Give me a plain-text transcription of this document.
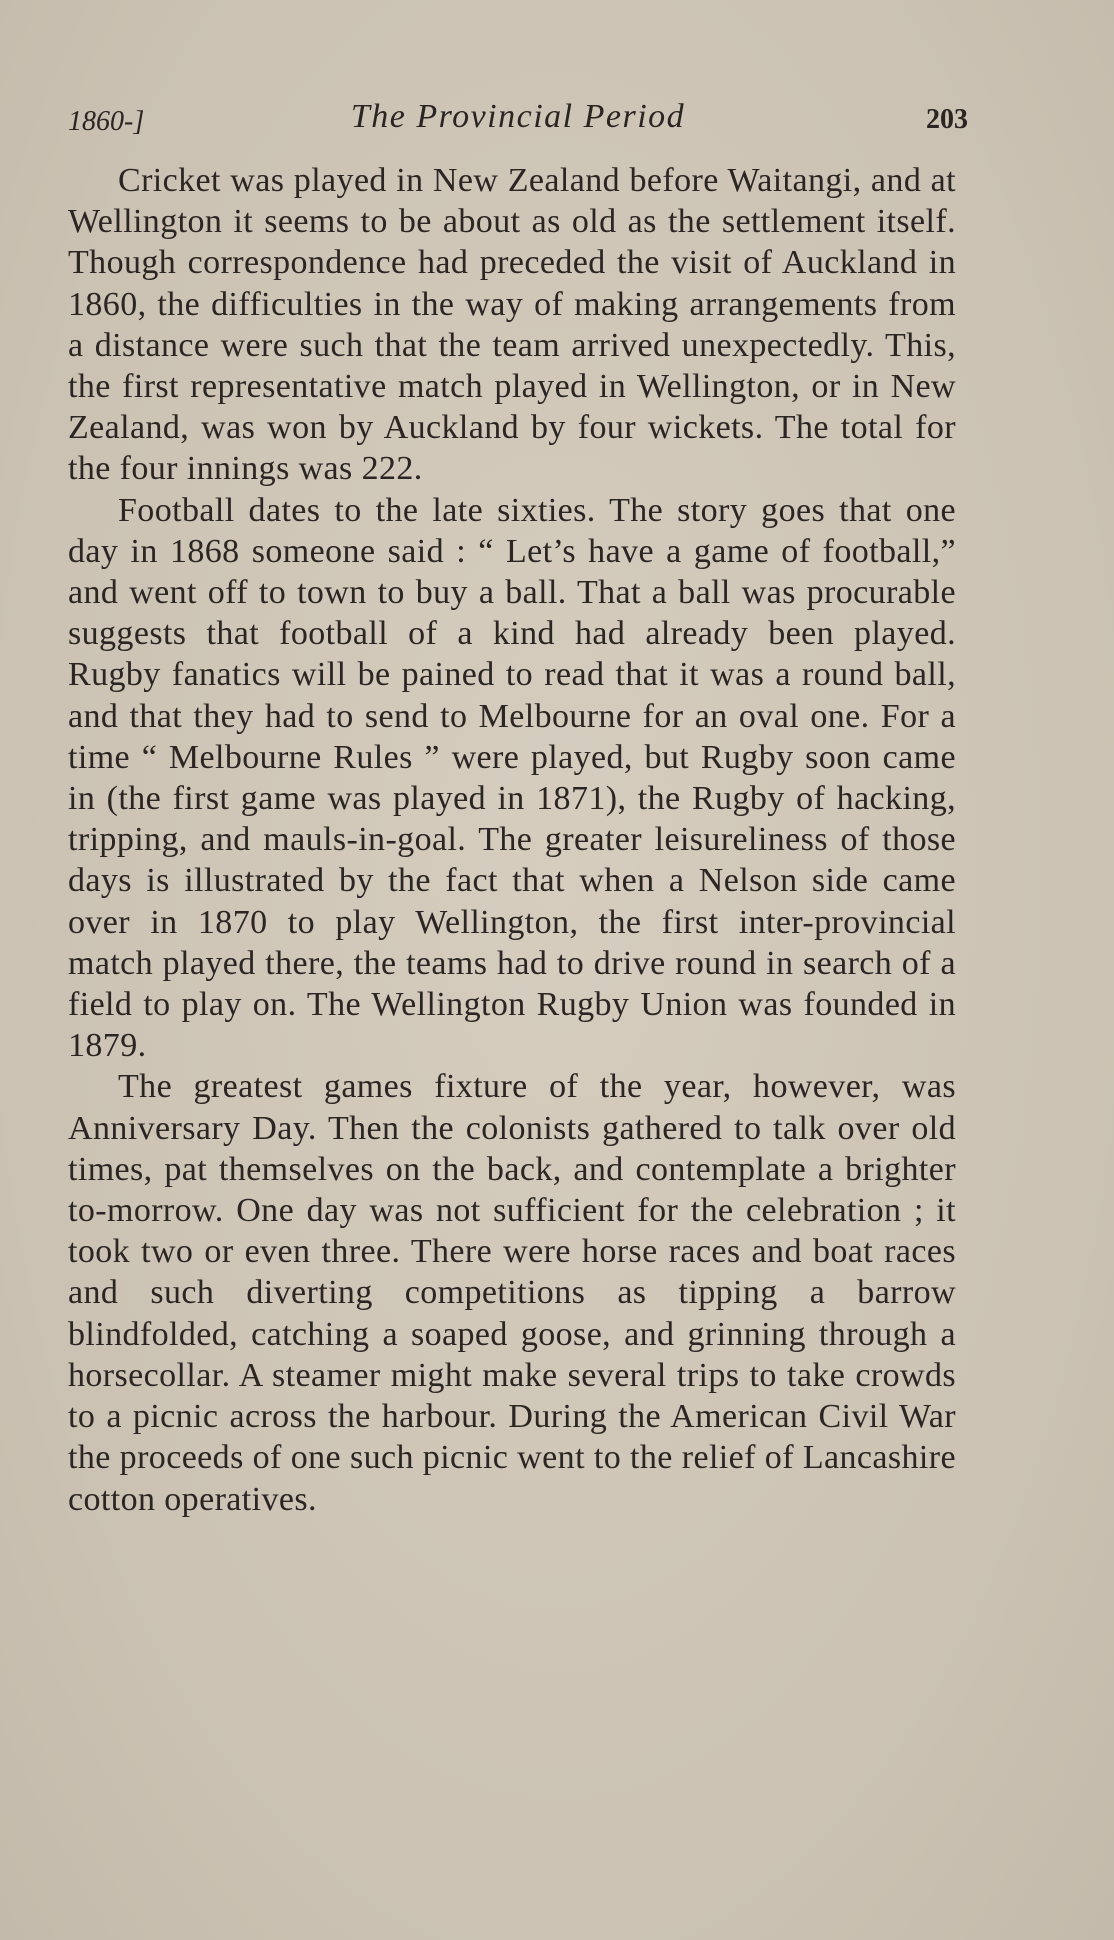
1860-]	The Provincial Period	203

Cricket was played in New Zealand before Waitangi, and at Wellington it seems to be about as old as the settlement itself. Though correspondence had preceded the visit of Auckland in 1860, the difficulties in the way of making arrangements from a distance were such that the team arrived unexpectedly. This, the first representative match played in Wellington, or in New Zealand, was won by Auckland by four wickets. The total for the four innings was 222.

Football dates to the late sixties. The story goes that one day in 1868 someone said : “ Let’s have a game of football,” and went off to town to buy a ball. That a ball was procurable suggests that football of a kind had already been played. Rugby fanatics will be pained to read that it was a round ball, and that they had to send to Melbourne for an oval one. For a time “ Melbourne Rules ” were played, but Rugby soon came in (the first game was played in 1871), the Rugby of hacking, tripping, and mauls-in-goal. The greater leisureliness of those days is illustrated by the fact that when a Nelson side came over in 1870 to play Wellington, the first inter-provincial match played there, the teams had to drive round in search of a field to play on. The Wellington Rugby Union was founded in 1879.

The greatest games fixture of the year, however, was Anniversary Day. Then the colonists gathered to talk over old times, pat themselves on the back, and contemplate a brighter to-morrow. One day was not sufficient for the celebration ; it took two or even three. There were horse races and boat races and such diverting competitions as tipping a barrow blindfolded, catching a soaped goose, and grinning through a horsecollar. A steamer might make several trips to take crowds to a picnic across the harbour. During the American Civil War the proceeds of one such picnic went to the relief of Lancashire cotton operatives.
